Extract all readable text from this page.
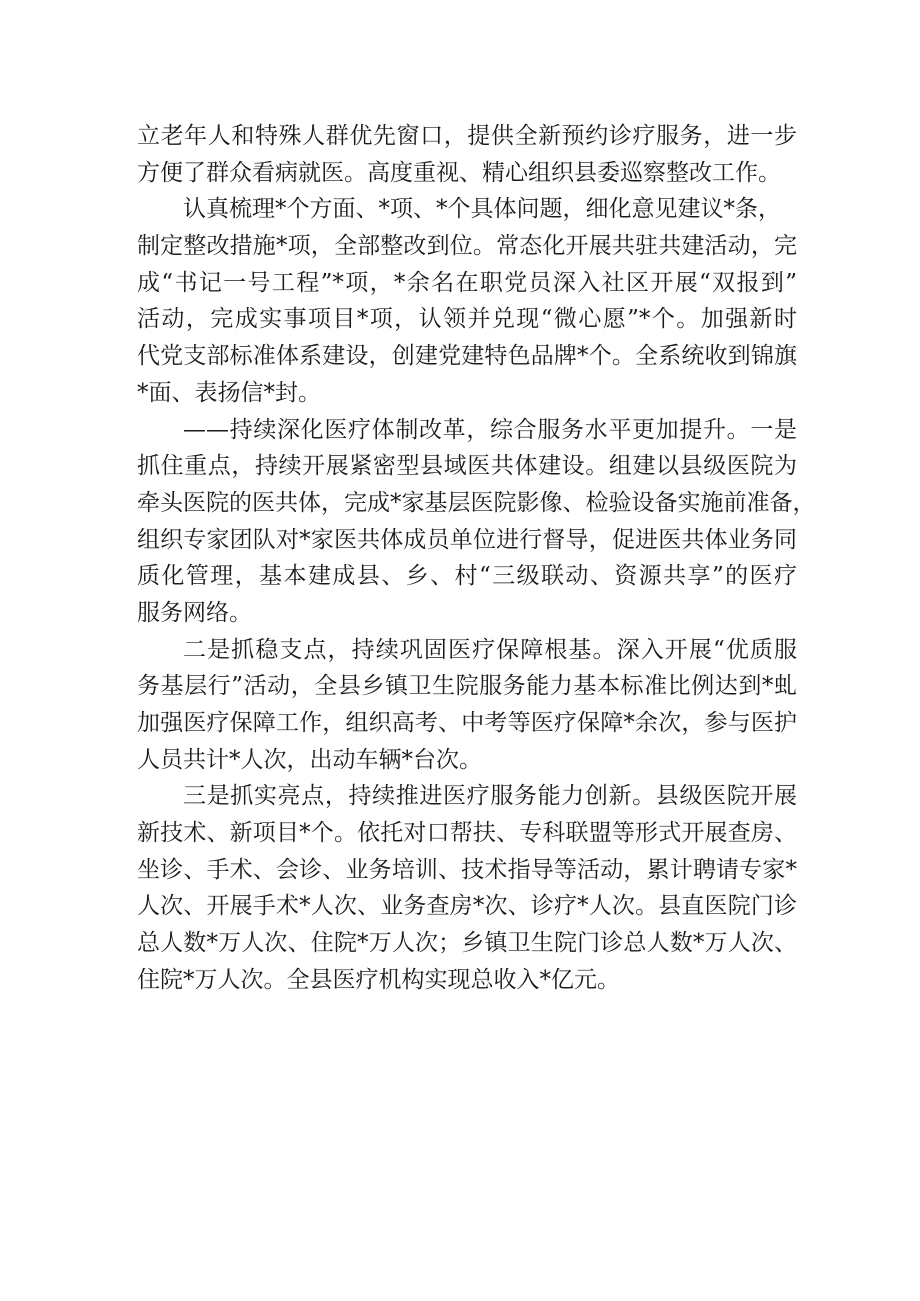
立老年人和特殊人群优先窗口，提供全新预约诊疗服务，进一步
方便了群众看病就医。高度重视、精心组织县委巡察整改工作。
认真梳理*个方面、*项、*个具体问题，细化意见建议*条，
制定整改措施*项，全部整改到位。常态化开展共驻共建活动，完
成“书记一号工程”*项，*余名在职党员深入社区开展“双报到”
活动，完成实事项目*项，认领并兑现“微心愿”*个。加强新时
代党支部标准体系建设，创建党建特色品牌*个。全系统收到锦旗
*面、表扬信*封。
——持续深化医疗体制改革，综合服务水平更加提升。一是
抓住重点，持续开展紧密型县域医共体建设。组建以县级医院为
牵头医院的医共体，完成*家基层医院影像、检验设备实施前准备，
组织专家团队对*家医共体成员单位进行督导，促进医共体业务同
质化管理，基本建成县、乡、村“三级联动、资源共享”的医疗
服务网络。
二是抓稳支点，持续巩固医疗保障根基。深入开展“优质服
务基层行”活动，全县乡镇卫生院服务能力基本标准比例达到*虬
加强医疗保障工作，组织高考、中考等医疗保障*余次，参与医护
人员共计*人次，出动车辆*台次。
三是抓实亮点，持续推进医疗服务能力创新。县级医院开展
新技术、新项目*个。依托对口帮扶、专科联盟等形式开展查房、
坐诊、手术、会诊、业务培训、技术指导等活动，累计聘请专家*
人次、开展手术*人次、业务查房*次、诊疗*人次。县直医院门诊
总人数*万人次、住院*万人次；乡镇卫生院门诊总人数*万人次、
住院*万人次。全县医疗机构实现总收入*亿元。
